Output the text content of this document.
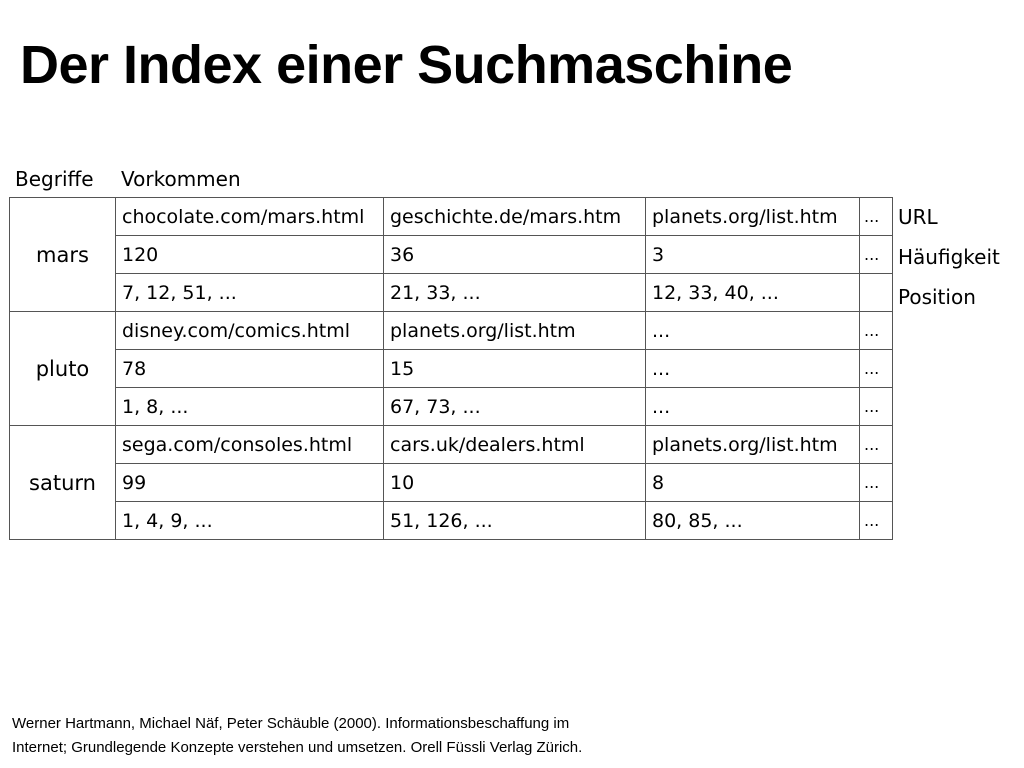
Der Index einer Suchmaschine
Begriffe Vorkommen
mars	chocolate.com/mars.html	geschichte.de/mars.htm	planets.org/list.htm	...
	120	36	3	...
	7, 12, 51, ...	21, 33, ...	12, 33, 40, ...	
pluto	disney.com/comics.html	planets.org/list.htm	...	...
	78	15	...	...
	1, 8, ...	67, 73, ...	...	...
saturn	sega.com/consoles.html	cars.uk/dealers.html	planets.org/list.htm	...
	99	10	8	...
	1, 4, 9, ...	51, 126, ...	80, 85, ...	...
URL
Häufigkeit
Position
Werner Hartmann, Michael Näf, Peter Schäuble (2000). Informationsbeschaffung im
Internet; Grundlegende Konzepte verstehen und umsetzen. Orell Füssli Verlag Zürich.
